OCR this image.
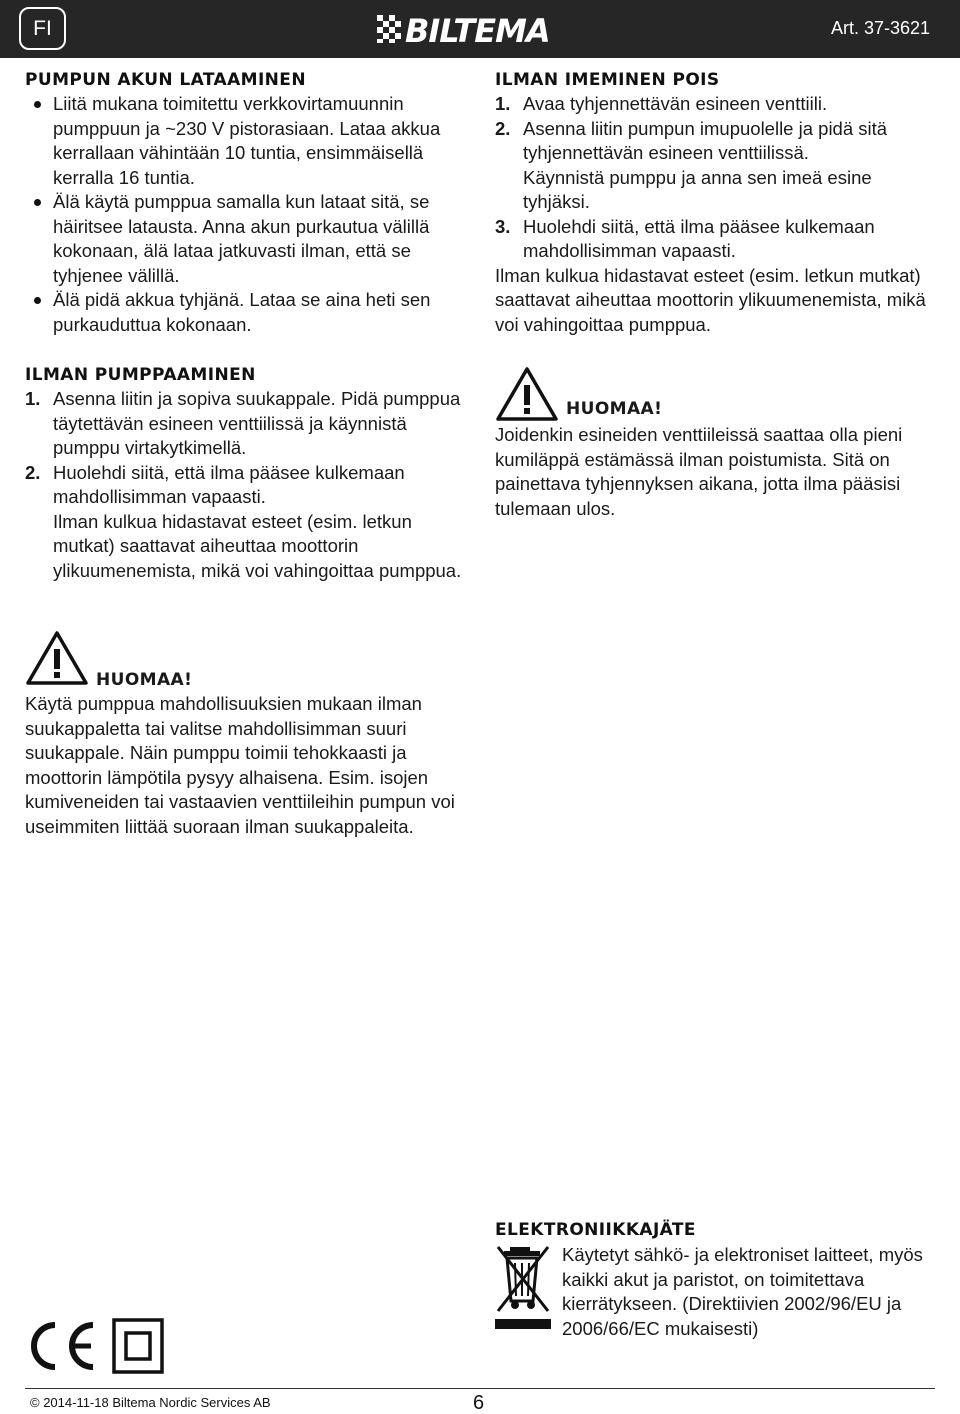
FI	BILTEMA	Art. 37-3621
PUMPUN AKUN LATAAMINEN
Liitä mukana toimitettu verkkovirtamuunnin pumppuun ja ~230 V pistorasiaan. Lataa akkua kerrallaan vähintään 10 tuntia, ensimmäisellä kerralla 16 tuntia.
Älä käytä pumppua samalla kun lataat sitä, se häiritsee latausta. Anna akun purkautua välillä kokonaan, älä lataa jatkuvasti ilman, että se tyhjenee välillä.
Älä pidä akkua tyhjänä. Lataa se aina heti sen purkauduttua kokonaan.
ILMAN PUMPPAAMINEN
1. Asenna liitin ja sopiva suukappale. Pidä pumppua täytettävän esineen venttiilissä ja käynnistä pumppu virtakytkimellä.

2. Huolehdi siitä, että ilma pääsee kulkemaan mahdollisimman vapaasti.

Ilman kulkua hidastavat esteet (esim. letkun mutkat) saattavat aiheuttaa moottorin ylikuumenemista, mikä voi vahingoittaa pumppua.

HUOMAA!

Käytä pumppua mahdollisuuksien mukaan ilman suukappaletta tai valitse mahdollisimman suuri suukappale. Näin pumppu toimii tehokkaasti ja moottorin lämpötila pysyy alhaisena. Esim. isojen kumiveneiden tai vastaavien venttiileihin pumpun voi useimmiten liittää suoraan ilman suukappaleita.

ILMAN IMEMINEN POIS
1. Avaa tyhjennettävän esineen venttiili.

2. Asenna liitin pumpun imupuolelle ja pidä sitä tyhjennettävän esineen venttiilissä.

Käynnistä pumppu ja anna sen imeä esine tyhjäksi.

3. Huolehdi siitä, että ilma pääsee kulkemaan mahdollisimman vapaasti.

Ilman kulkua hidastavat esteet (esim. letkun mutkat) saattavat aiheuttaa moottorin ylikuumenemista, mikä voi vahingoittaa pumppua.

HUOMAA!

Joidenkin esineiden venttiileissä saattaa olla pieni kumiläppä estämässä ilman poistumista. Sitä on painettava tyhjennyksen aikana, jotta ilma pääsisi tulemaan ulos.

ELEKTRONIIKKAJÄTE

Käytetyt sähkö- ja elektroniset laitteet, myös kaikki akut ja paristot, on toimitettava kierrätykseen. (Direktiivien 2002/96/EU ja 2006/66/EC mukaisesti)

© 2014-11-18 Biltema Nordic Services AB	6
